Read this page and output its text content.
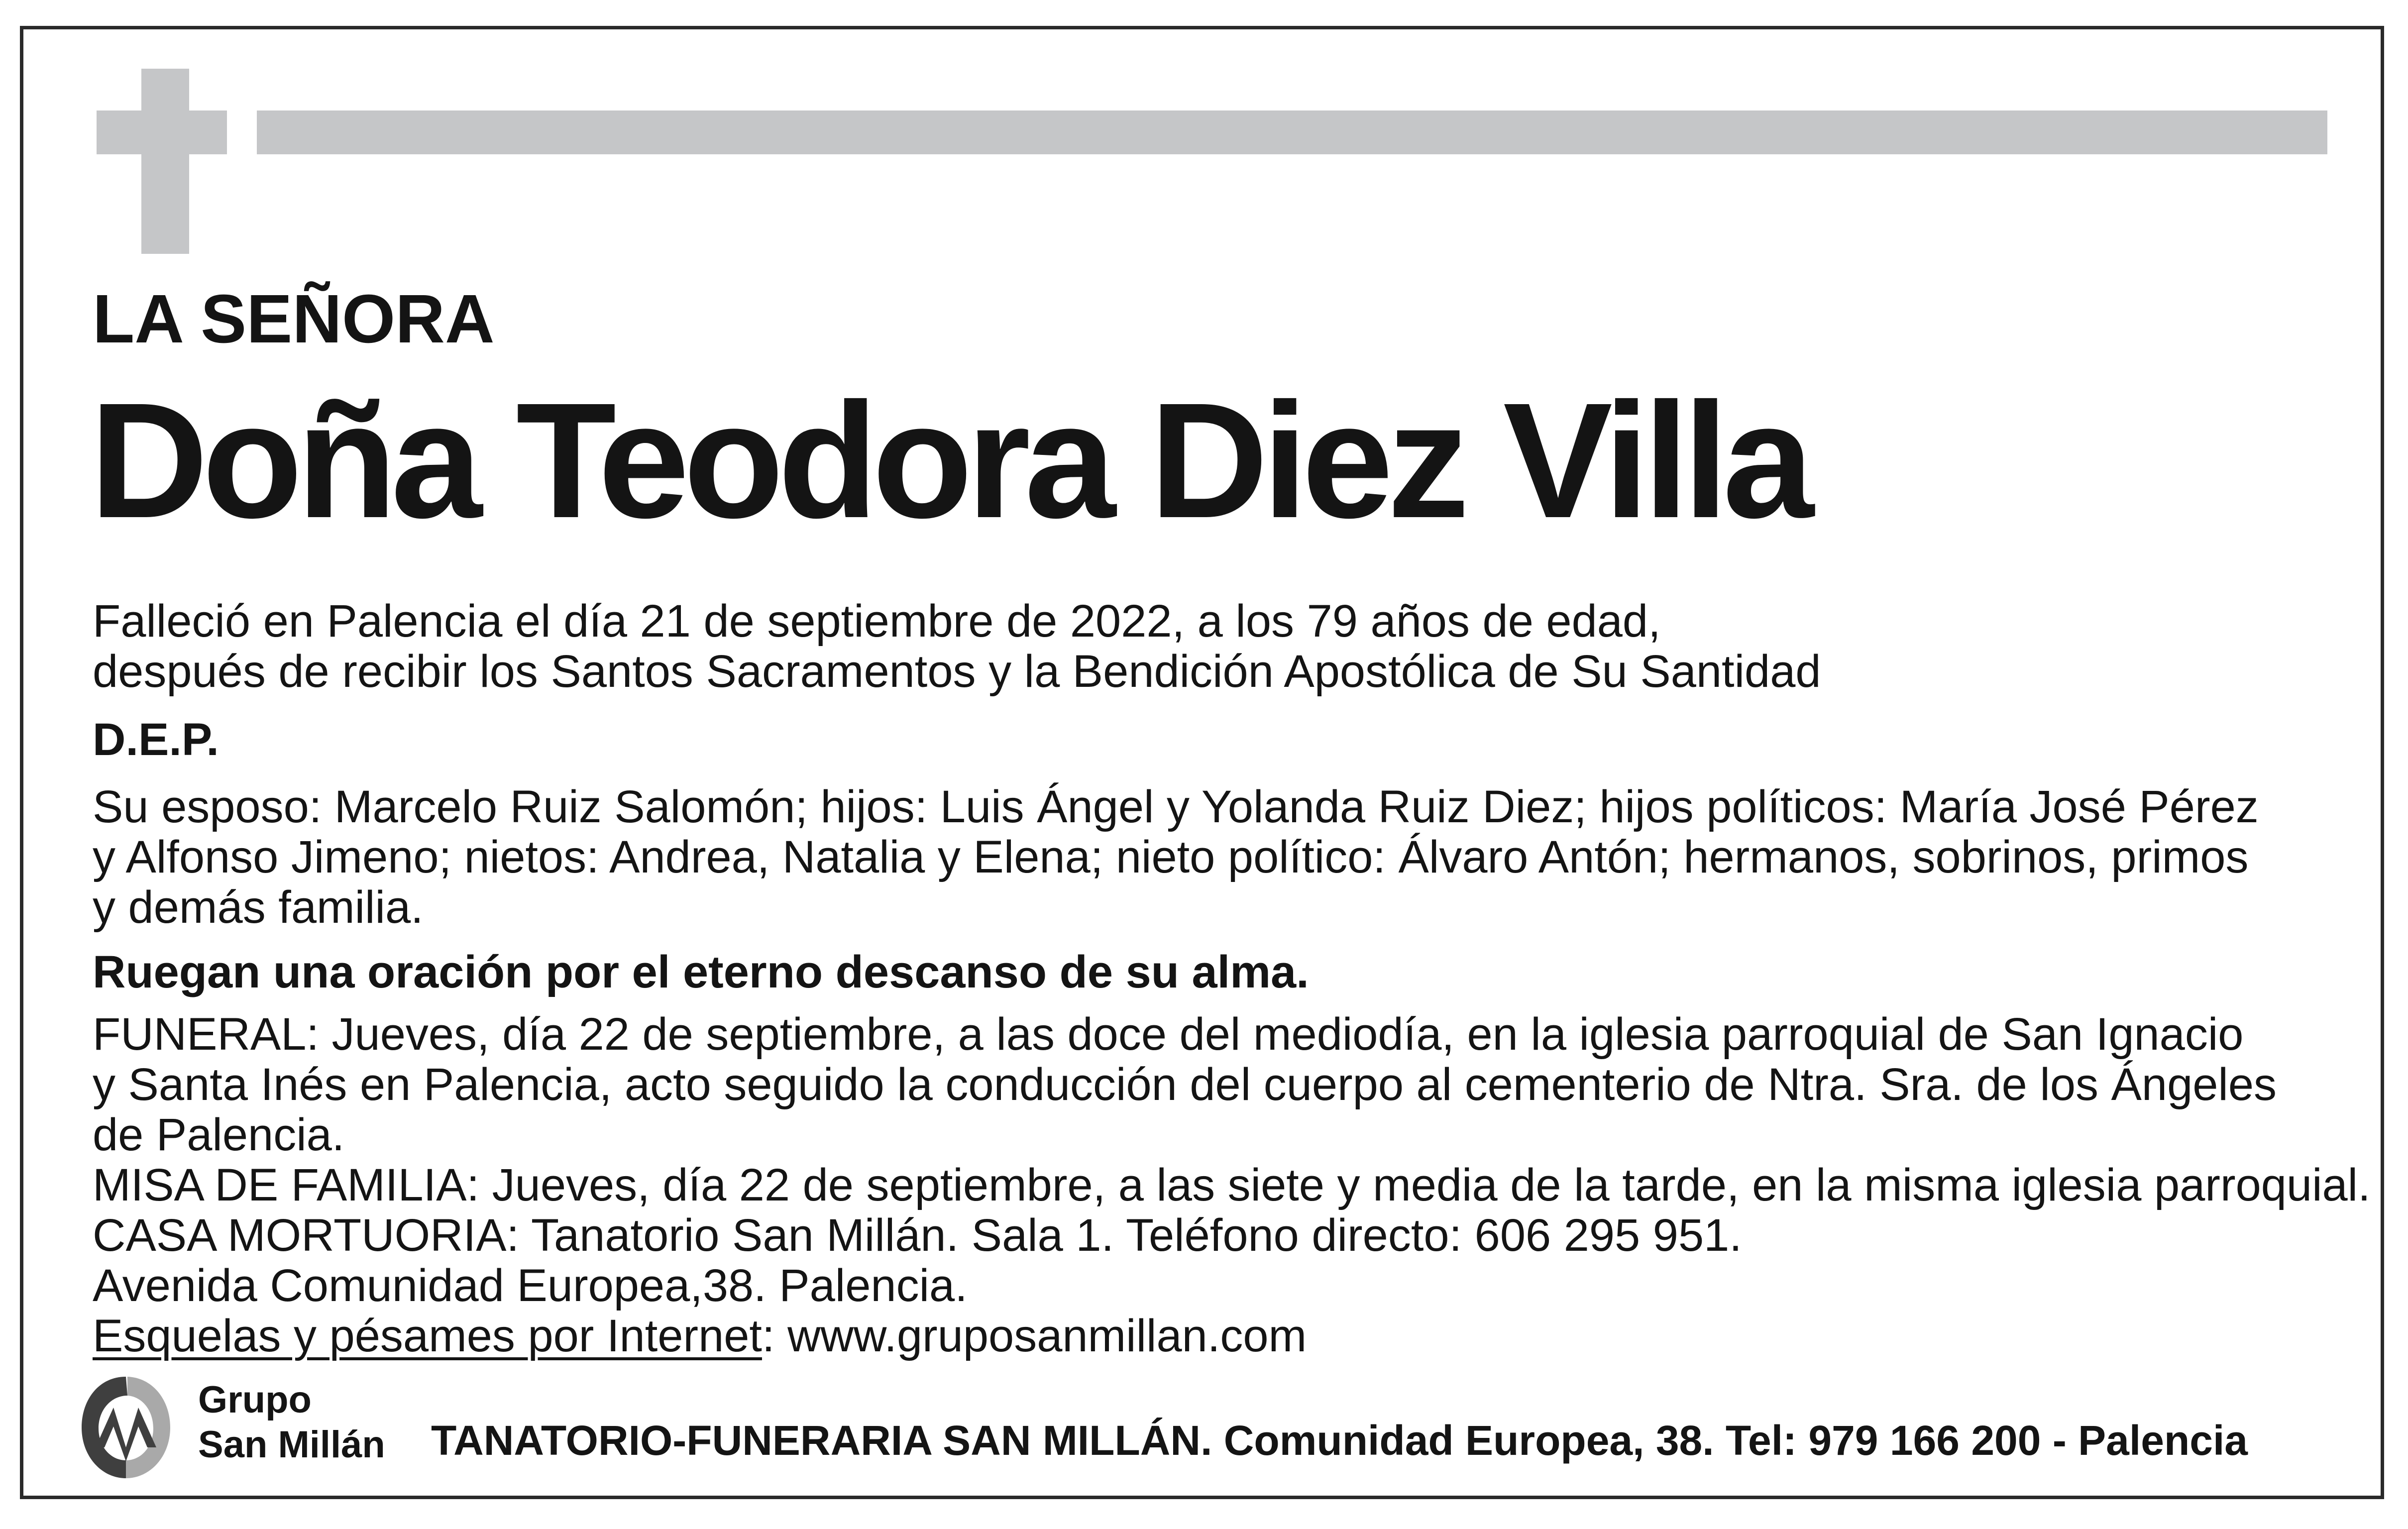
LA SEÑORA
Doña Teodora Diez Villa
Falleció en Palencia el día 21 de septiembre de 2022, a los 79 años de edad,
después de recibir los Santos Sacramentos y la Bendición Apostólica de Su Santidad
D.E.P.
Su esposo: Marcelo Ruiz Salomón; hijos: Luis Ángel y Yolanda Ruiz Diez; hijos políticos: María José Pérez
y Alfonso Jimeno; nietos: Andrea, Natalia y Elena; nieto político: Álvaro Antón; hermanos, sobrinos, primos
y demás familia.
Ruegan una oración por el eterno descanso de su alma.
FUNERAL: Jueves, día 22 de septiembre, a las doce del mediodía, en la iglesia parroquial de San Ignacio
y Santa Inés en Palencia, acto seguido la conducción del cuerpo al cementerio de Ntra. Sra. de los Ángeles
de Palencia.
MISA DE FAMILIA: Jueves, día 22 de septiembre, a las siete y media de la tarde, en la misma iglesia parroquial.
CASA MORTUORIA: Tanatorio San Millán. Sala 1. Teléfono directo: 606 295 951.
Avenida Comunidad Europea,38. Palencia.
Esquelas y pésames por Internet: www.gruposanmillan.com
Grupo
San Millán TANATORIO-FUNERARIA SAN MILLÁN. Comunidad Europea, 38. Tel: 979 166 200 - Palencia
